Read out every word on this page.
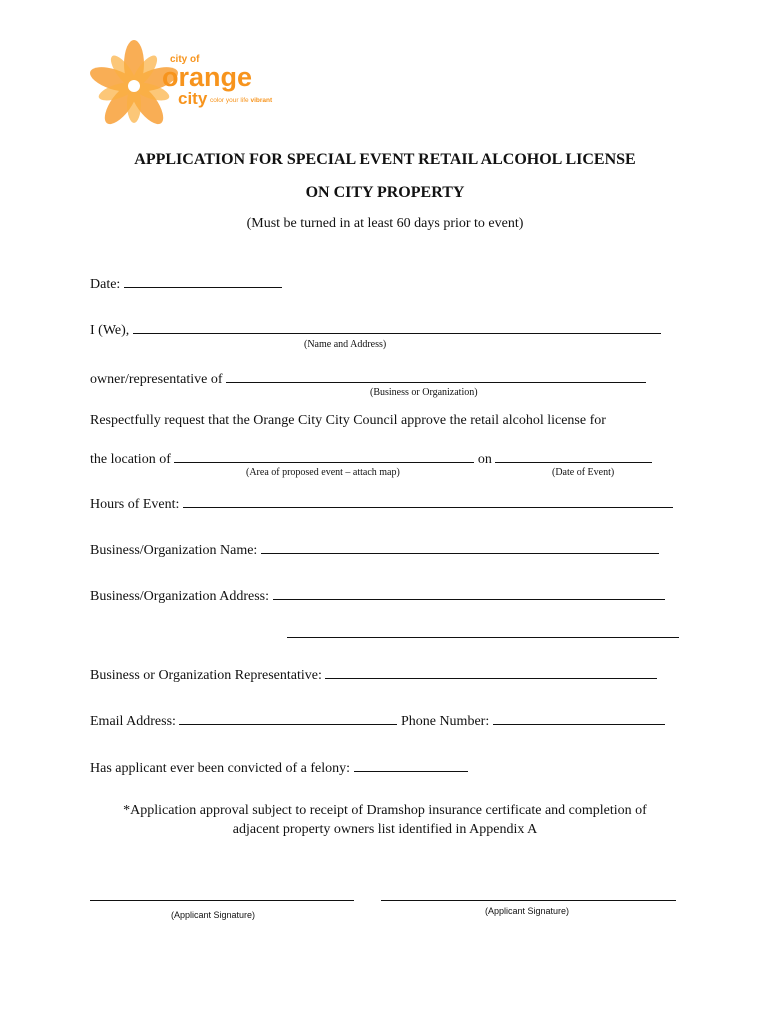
city of
orange
city color your life vibrant
APPLICATION FOR SPECIAL EVENT RETAIL ALCOHOL LICENSE
ON CITY PROPERTY
(Must be turned in at least 60 days prior to event)
Date:
I (We),
(Name and Address)
owner/representative of
(Business or Organization)
Respectfully request that the Orange City City Council approve the retail alcohol license for
the location of	on
(Area of proposed event – attach map)	(Date of Event)
Hours of Event:
Business/Organization Name:
Business/Organization Address:
Business or Organization Representative:
Email Address:	Phone Number:
Has applicant ever been convicted of a felony:
*Application approval subject to receipt of Dramshop insurance certificate and completion of
adjacent property owners list identified in Appendix A
(Applicant Signature)	(Applicant Signature)
